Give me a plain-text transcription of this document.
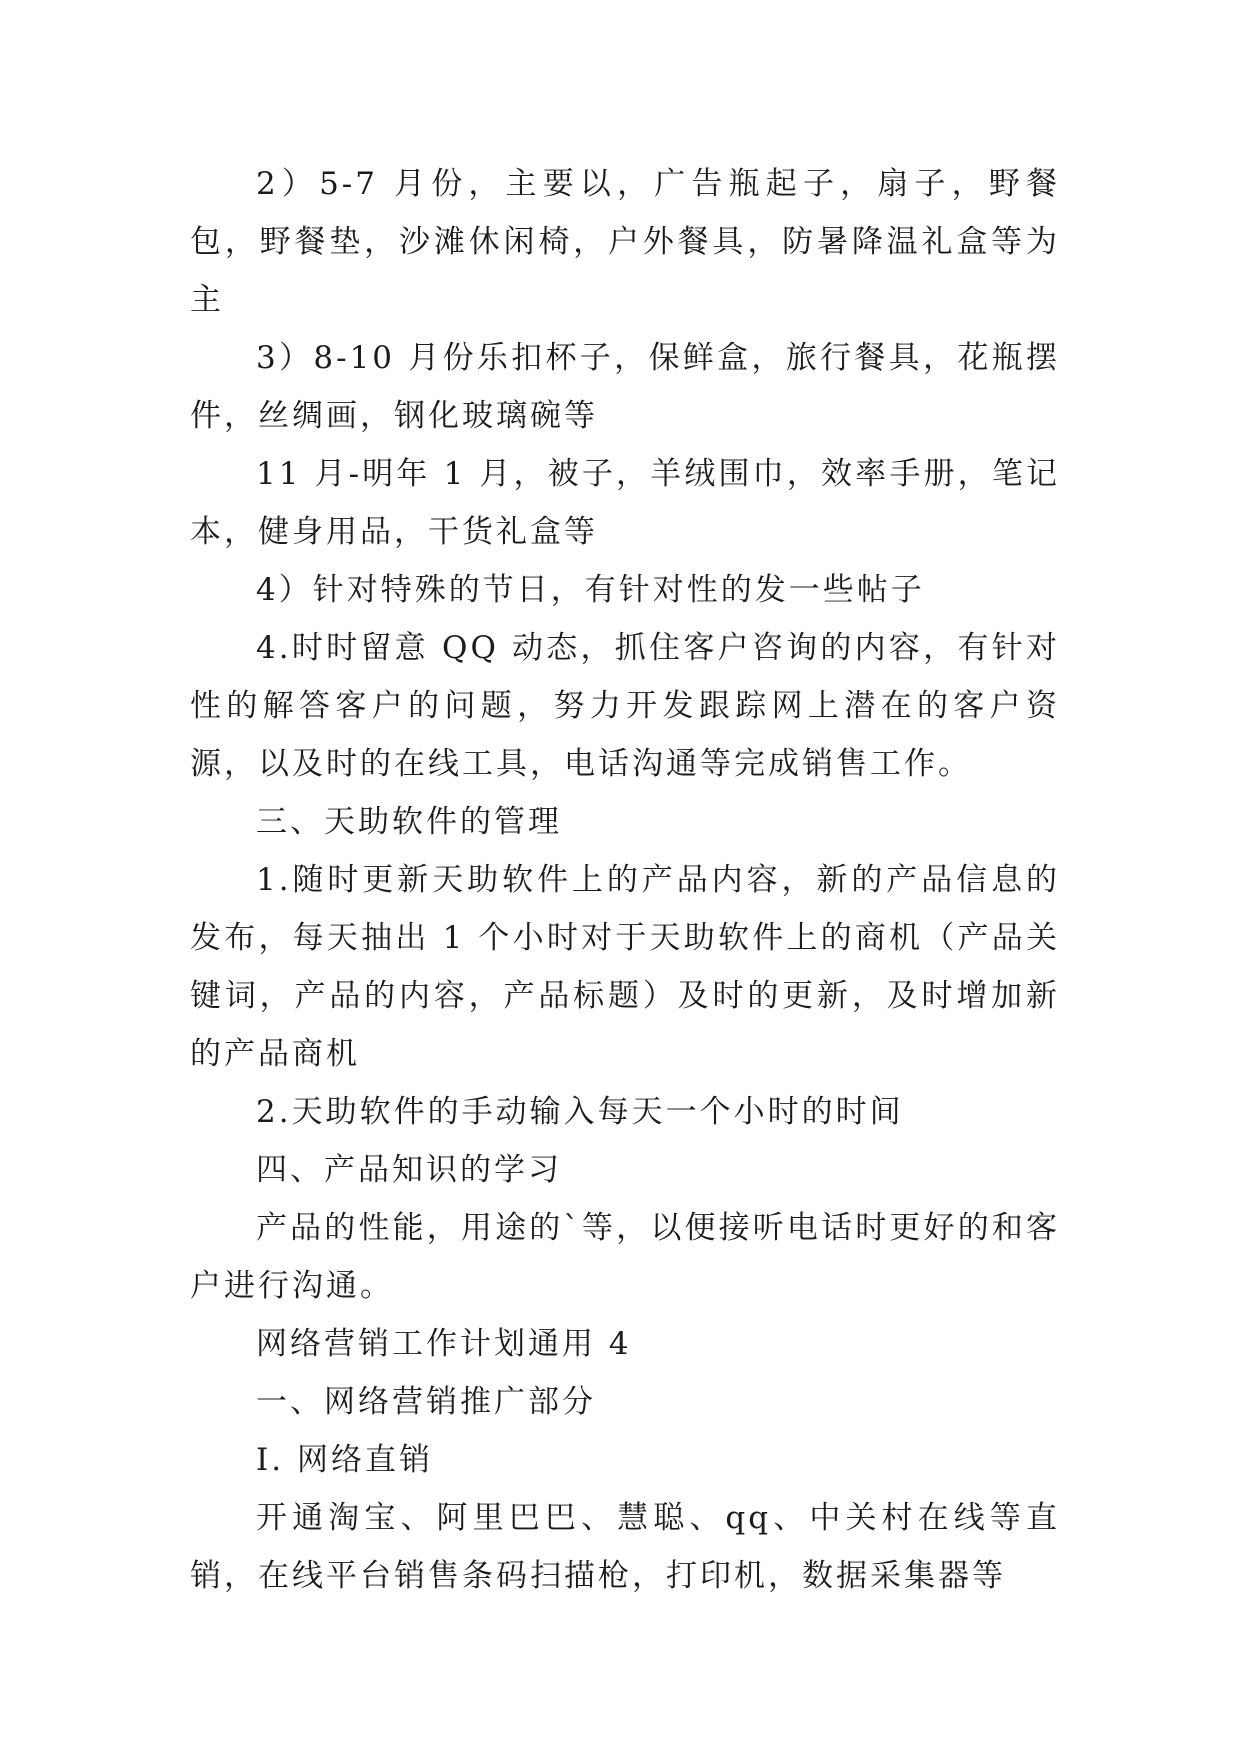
2）5-7 月份，主要以，广告瓶起子，扇子，野餐包，野餐垫，沙滩休闲椅，户外餐具，防暑降温礼盒等为主

3）8-10 月份乐扣杯子，保鲜盒，旅行餐具，花瓶摆件，丝绸画，钢化玻璃碗等

11 月-明年 1 月，被子，羊绒围巾，效率手册，笔记本，健身用品，干货礼盒等

4）针对特殊的节日，有针对性的发一些帖子

4.时时留意 QQ 动态，抓住客户咨询的内容，有针对性的解答客户的问题，努力开发跟踪网上潜在的客户资源，以及时的在线工具，电话沟通等完成销售工作。

三、天助软件的管理

1.随时更新天助软件上的产品内容，新的产品信息的发布，每天抽出 1 个小时对于天助软件上的商机（产品关键词，产品的内容，产品标题）及时的更新，及时增加新的产品商机

2.天助软件的手动输入每天一个小时的时间

四、产品知识的学习

产品的性能，用途的`等，以便接听电话时更好的和客户进行沟通。

网络营销工作计划通用 4

一、网络营销推广部分

I. 网络直销

开通淘宝、阿里巴巴、慧聪、qq、中关村在线等直销，在线平台销售条码扫描枪，打印机，数据采集器等
